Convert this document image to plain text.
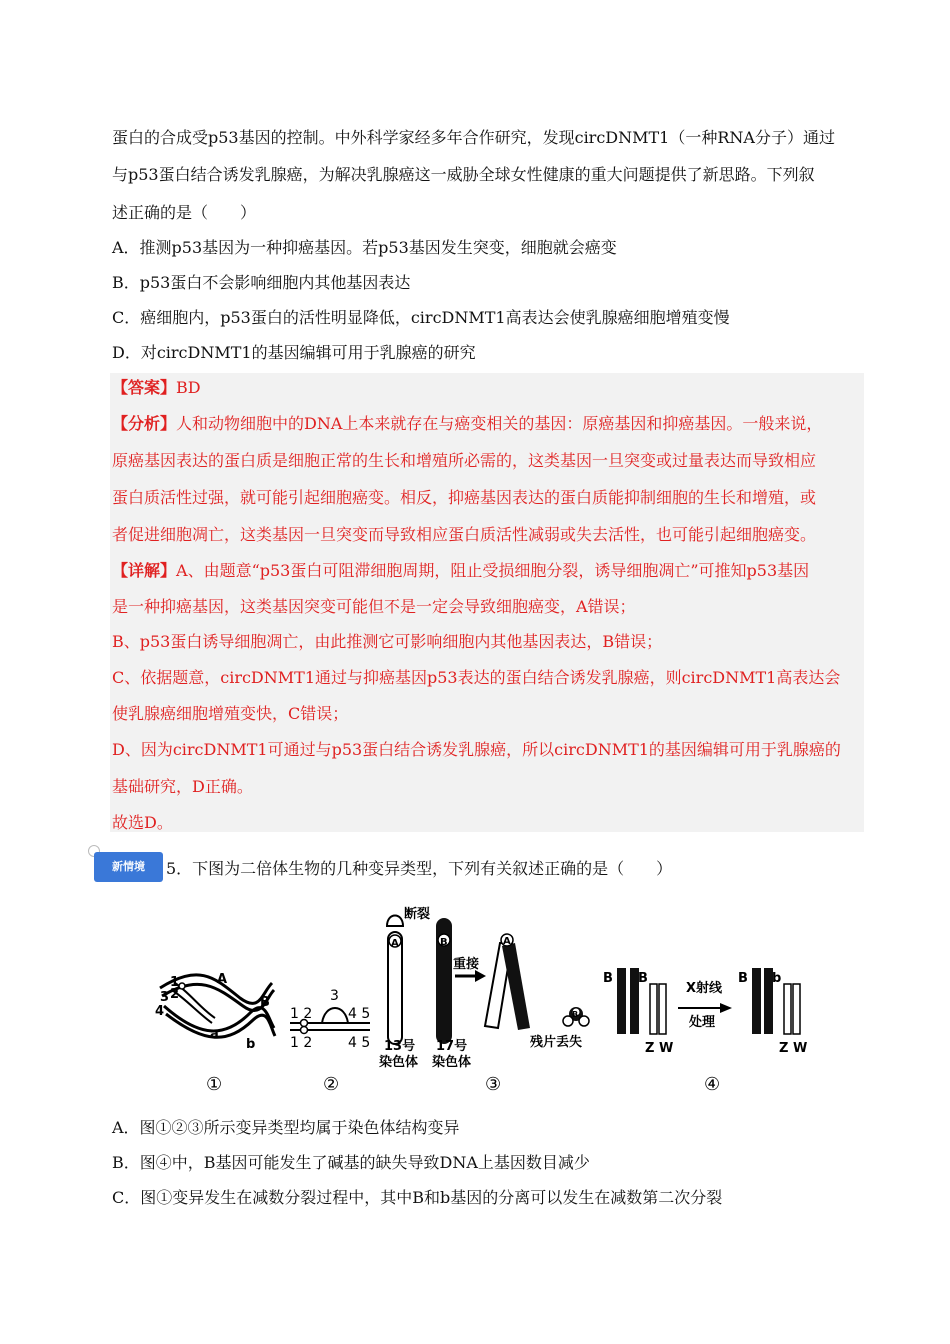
蛋白的合成受p53基因的控制。中外科学家经多年合作研究，发现circDNMT1（一种RNA分子）通过
与p53蛋白结合诱发乳腺癌，为解决乳腺癌这一威胁全球女性健康的重大问题提供了新思路。下列叙
述正确的是（　　）
A．推测p53基因为一种抑癌基因。若p53基因发生突变，细胞就会癌变
B．p53蛋白不会影响细胞内其他基因表达
C．癌细胞内，p53蛋白的活性明显降低，circDNMT1高表达会使乳腺癌细胞增殖变慢
D．对circDNMT1的基因编辑可用于乳腺癌的研究
【答案】BD
【分析】人和动物细胞中的DNA上本来就存在与癌变相关的基因：原癌基因和抑癌基因。一般来说，
原癌基因表达的蛋白质是细胞正常的生长和增殖所必需的，这类基因一旦突变或过量表达而导致相应
蛋白质活性过强，就可能引起细胞癌变。相反，抑癌基因表达的蛋白质能抑制细胞的生长和增殖，或
者促进细胞凋亡，这类基因一旦突变而导致相应蛋白质活性减弱或失去活性，也可能引起细胞癌变。
【详解】A、由题意“p53蛋白可阻滞细胞周期，阻止受损细胞分裂，诱导细胞凋亡”可推知p53基因
是一种抑癌基因，这类基因突变可能但不是一定会导致细胞癌变，A错误；
B、p53蛋白诱导细胞凋亡，由此推测它可影响细胞内其他基因表达，B错误；
C、依据题意，circDNMT1通过与抑癌基因p53表达的蛋白结合诱发乳腺癌，则circDNMT1高表达会
使乳腺癌细胞增殖变快，C错误；
D、因为circDNMT1可通过与p53蛋白结合诱发乳腺癌，所以circDNMT1的基因编辑可用于乳腺癌的
基础研究，D正确。
故选D。
新情境	5．下图为二倍体生物的几种变异类型，下列有关叙述正确的是（　　）
1
2
3
4
A
B
a
b
①
1 2
3
4 5
1 2	4 5
②
断裂
A	B
重接
A
B
13号
染色体
17号
染色体
残片丢失
③
B B
Z W
X射线
处理
B b
Z W
④
A．图①②③所示变异类型均属于染色体结构变异
B．图④中，B基因可能发生了碱基的缺失导致DNA上基因数目减少
C．图①变异发生在减数分裂过程中，其中B和b基因的分离可以发生在减数第二次分裂
